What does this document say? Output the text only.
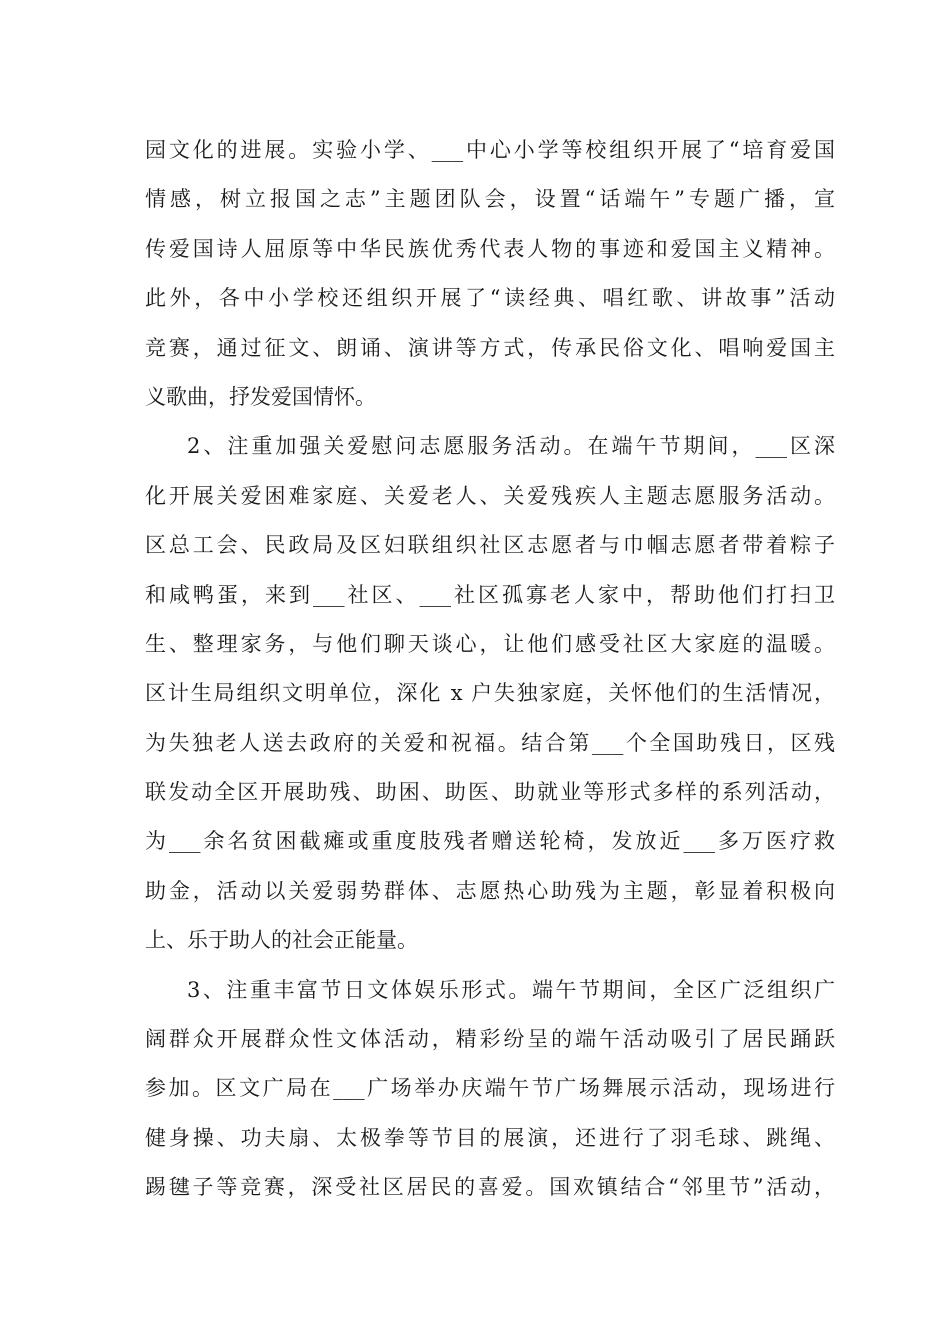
园文化的进展。实验小学、___中心小学等校组织开展了“培育爱国
情感，树立报国之志”主题团队会，设置“话端午”专题广播，宣
传爱国诗人屈原等中华民族优秀代表人物的事迹和爱国主义精神。
此外，各中小学校还组织开展了“读经典、唱红歌、讲故事”活动
竞赛，通过征文、朗诵、演讲等方式，传承民俗文化、唱响爱国主
义歌曲，抒发爱国情怀。
2、注重加强关爱慰问志愿服务活动。在端午节期间，___区深
化开展关爱困难家庭、关爱老人、关爱残疾人主题志愿服务活动。
区总工会、民政局及区妇联组织社区志愿者与巾帼志愿者带着粽子
和咸鸭蛋，来到___社区、___社区孤寡老人家中，帮助他们打扫卫
生、整理家务，与他们聊天谈心，让他们感受社区大家庭的温暖。
区计生局组织文明单位，深化 x 户失独家庭，关怀他们的生活情况，
为失独老人送去政府的关爱和祝福。结合第___个全国助残日，区残
联发动全区开展助残、助困、助医、助就业等形式多样的系列活动，
为___余名贫困截瘫或重度肢残者赠送轮椅，发放近___多万医疗救
助金，活动以关爱弱势群体、志愿热心助残为主题，彰显着积极向
上、乐于助人的社会正能量。
3、注重丰富节日文体娱乐形式。端午节期间，全区广泛组织广
阔群众开展群众性文体活动，精彩纷呈的端午活动吸引了居民踊跃
参加。区文广局在___广场举办庆端午节广场舞展示活动，现场进行
健身操、功夫扇、太极拳等节目的展演，还进行了羽毛球、跳绳、
踢毽子等竞赛，深受社区居民的喜爱。国欢镇结合“邻里节”活动，
